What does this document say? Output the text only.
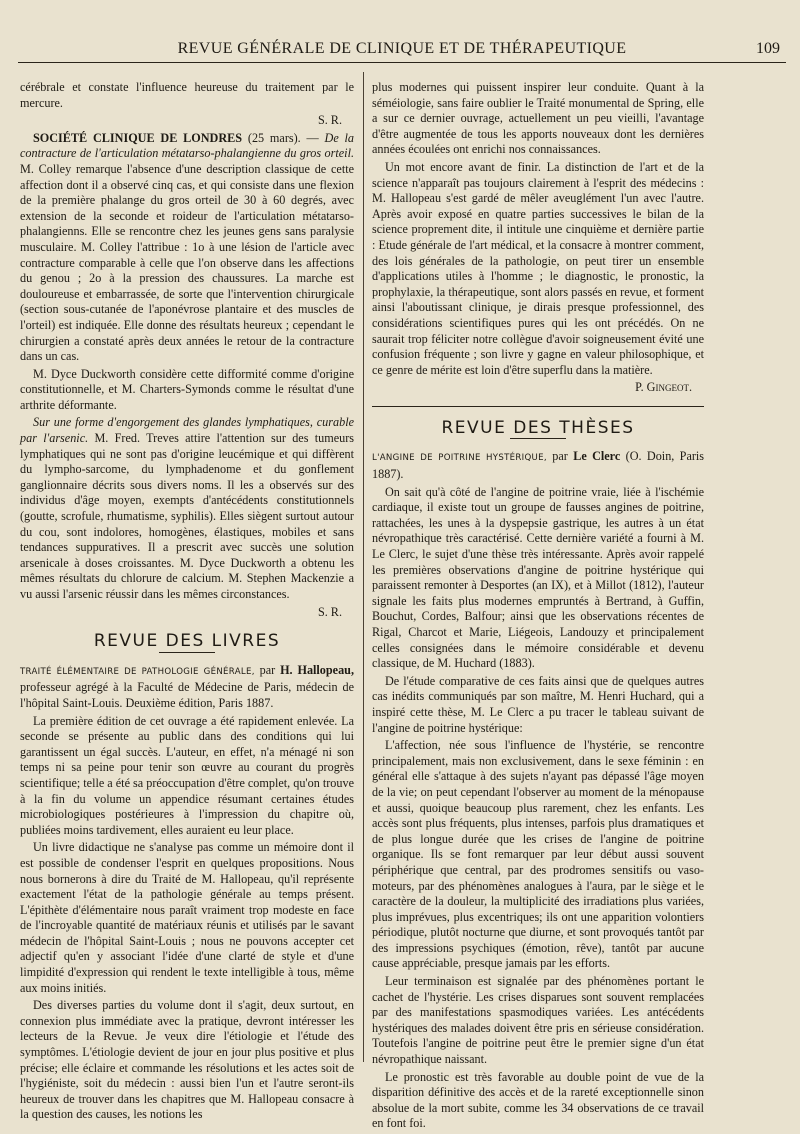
REVUE GÉNÉRALE DE CLINIQUE ET DE THÉRAPEUTIQUE	109

cérébrale et constate l'influence heureuse du traitement par le mercure.

S. R.

SOCIÉTÉ CLINIQUE DE LONDRES (25 mars). — De la contracture de l'articulation métatarso-phalangienne du gros orteil. M. Colley remarque l'absence d'une description classique de cette affection dont il a observé cinq cas, et qui consiste dans une flexion de la première phalange du gros orteil de 30 à 60 degrés, avec extension de la seconde et roideur de l'articulation métatarso-phalangienns. Elle se rencontre chez les jeunes gens sans paralysie musculaire. M. Colley l'attribue : 1o à une lésion de l'article avec contracture comparable à celle que l'on observe dans les affections du genou ; 2o à la pression des chaussures. La marche est douloureuse et embarrassée, de sorte que l'intervention chirurgicale (section sous-cutanée de l'aponévrose plantaire et des muscles de l'orteil) est indiquée. Elle donne des résultats heureux ; cependant le chirurgien a constaté après deux années le retour de la contracture dans un cas.

M. Dyce Duckworth considère cette difformité comme d'origine constitutionnelle, et M. Charters-Symonds comme le résultat d'une arthrite déformante.

Sur une forme d'engorgement des glandes lymphatiques, curable par l'arsenic. M. Fred. Treves attire l'attention sur des tumeurs lymphatiques qui ne sont pas d'origine leucémique et qui diffèrent du lympho-sarcome, du lymphadenome et du gonflement ganglionnaire décrits sous divers noms. Il les a observés sur des individus d'âge moyen, exempts d'antécédents constitutionnels (goutte, scrofule, rhumatisme, syphilis). Elles siègent surtout autour du cou, sont indolores, homogènes, élastiques, mobiles et sans tendances suppuratives. Il a prescrit avec succès une solution arsenicale à doses croissantes. M. Dyce Duckworth a obtenu les mêmes résultats du chlorure de calcium. M. Stephen Mackenzie a vu aussi l'arsenic réussir dans les mêmes circonstances.

S. R.

REVUE DES LIVRES

TRAITÉ ÉLÉMENTAIRE DE PATHOLOGIE GÉNÉRALE, par H. Hallopeau, professeur agrégé à la Faculté de Médecine de Paris, médecin de l'hôpital Saint-Louis. Deuxième édition, Paris 1887.

La première édition de cet ouvrage a été rapidement enlevée. La seconde se présente au public dans des conditions qui lui garantissent un égal succès. L'auteur, en effet, n'a ménagé ni son temps ni sa peine pour tenir son œuvre au courant du progrès scientifique; telle a été sa préoccupation d'être complet, qu'on trouve à la fin du volume un appendice résumant certaines études microbiologiques postérieures à l'impression du chapitre où, publiées moins tardivement, elles auraient eu leur place.

Un livre didactique ne s'analyse pas comme un mémoire dont il est possible de condenser l'esprit en quelques propositions. Nous nous bornerons à dire du Traité de M. Hallopeau, qu'il représente exactement l'état de la pathologie générale au temps présent. L'épithète d'élémentaire nous paraît vraiment trop modeste en face de l'incroyable quantité de matériaux réunis et utilisés par le savant médecin de l'hôpital Saint-Louis ; nous ne pouvons accepter cet adjectif qu'en y associant l'idée d'une clarté de style et d'une limpidité d'expression qui rendent le texte intelligible à tous, même aux moins initiés.

Des diverses parties du volume dont il s'agit, deux surtout, en connexion plus immédiate avec la pratique, devront intéresser les lecteurs de la Revue. Je veux dire l'étiologie et l'étude des symptômes. L'étiologie devient de jour en jour plus positive et plus précise; elle éclaire et commande les résolutions et les actes soit de l'hygiéniste, soit du médecin : aussi bien l'un et l'autre seront-ils heureux de trouver dans les chapitres que M. Hallopeau consacre à la question des causes, les notions les

plus modernes qui puissent inspirer leur conduite. Quant à la séméiologie, sans faire oublier le Traité monumental de Spring, elle a sur ce dernier ouvrage, actuellement un peu vieilli, l'avantage d'être augmentée de tous les apports nouveaux dont les dernières années écoulées ont enrichi nos connaissances.

Un mot encore avant de finir. La distinction de l'art et de la science n'apparaît pas toujours clairement à l'esprit des médecins : M. Hallopeau s'est gardé de mêler aveuglément l'un avec l'autre. Après avoir exposé en quatre parties successives le bilan de la science proprement dite, il intitule une cinquième et dernière partie : Etude générale de l'art médical, et la consacre à montrer comment, des lois générales de la pathologie, on peut tirer un ensemble d'applications utiles à l'homme ; le diagnostic, le pronostic, la prophylaxie, la thérapeutique, sont alors passés en revue, et forment ainsi l'aboutissant clinique, je dirais presque professionnel, des considérations scientifiques pures qui les ont précédés. On ne saurait trop féliciter notre collègue d'avoir soigneusement évité une confusion fréquente ; son livre y gagne en valeur philosophique, et ce genre de mérite est loin d'être superflu dans la matière.

P. Gingeot.

REVUE DES THÈSES

L'ANGINE DE POITRINE HYSTÉRIQUE, par Le Clerc (O. Doin, Paris 1887).

On sait qu'à côté de l'angine de poitrine vraie, liée à l'ischémie cardiaque, il existe tout un groupe de fausses angines de poitrine, rattachées, les unes à la dyspepsie gastrique, les autres à un état névropathique très caractérisé. Cette dernière variété a fourni à M. Le Clerc, le sujet d'une thèse très intéressante. Après avoir rappelé les premières observations d'angine de poitrine hystérique qui paraissent remonter à Desportes (an IX), et à Millot (1812), l'auteur signale les faits plus modernes empruntés à Bertrand, à Guffin, Bouchut, Cordes, Balfour; ainsi que les observations récentes de Rigal, Charcot et Marie, Liégeois, Landouzy et principalement celles consignées dans le mémoire considérable et devenu classique, de M. Huchard (1883).

De l'étude comparative de ces faits ainsi que de quelques autres cas inédits communiqués par son maître, M. Henri Huchard, qui a inspiré cette thèse, M. Le Clerc a pu tracer le tableau suivant de l'angine de poitrine hystérique:

L'affection, née sous l'influence de l'hystérie, se rencontre principalement, mais non exclusivement, dans le sexe féminin : en général elle s'attaque à des sujets n'ayant pas dépassé l'âge moyen de la vie; on peut cependant l'observer au moment de la ménopause et aussi, quoique beaucoup plus rarement, chez les enfants. Les accès sont plus fréquents, plus intenses, parfois plus dramatiques et de plus longue durée que les crises de l'angine de poitrine organique. Ils se font remarquer par leur début aussi souvent périphérique que central, par des prodromes sensitifs ou vaso-moteurs, par des phénomènes analogues à l'aura, par le siège et le caractère de la douleur, la multiplicité des irradiations plus variées, plus imprévues, plus excentriques; ils ont une apparition volontiers périodique, plutôt nocturne que diurne, et sont provoqués tantôt par des impressions psychiques (émotion, rêve), tantôt par aucune cause appréciable, presque jamais par les efforts.

Leur terminaison est signalée par des phénomènes portant le cachet de l'hystérie. Les crises disparues sont souvent remplacées par des manifestations spasmodiques variées. Les antécédents hystériques des malades doivent être pris en sérieuse considération. Toutefois l'angine de poitrine peut être le premier signe d'un état névropathique naissant.

Le pronostic est très favorable au double point de vue de la disparition définitive des accès et de la rareté exceptionnelle sinon absolue de la mort subite, comme les 34 observations de ce travail en font foi.
